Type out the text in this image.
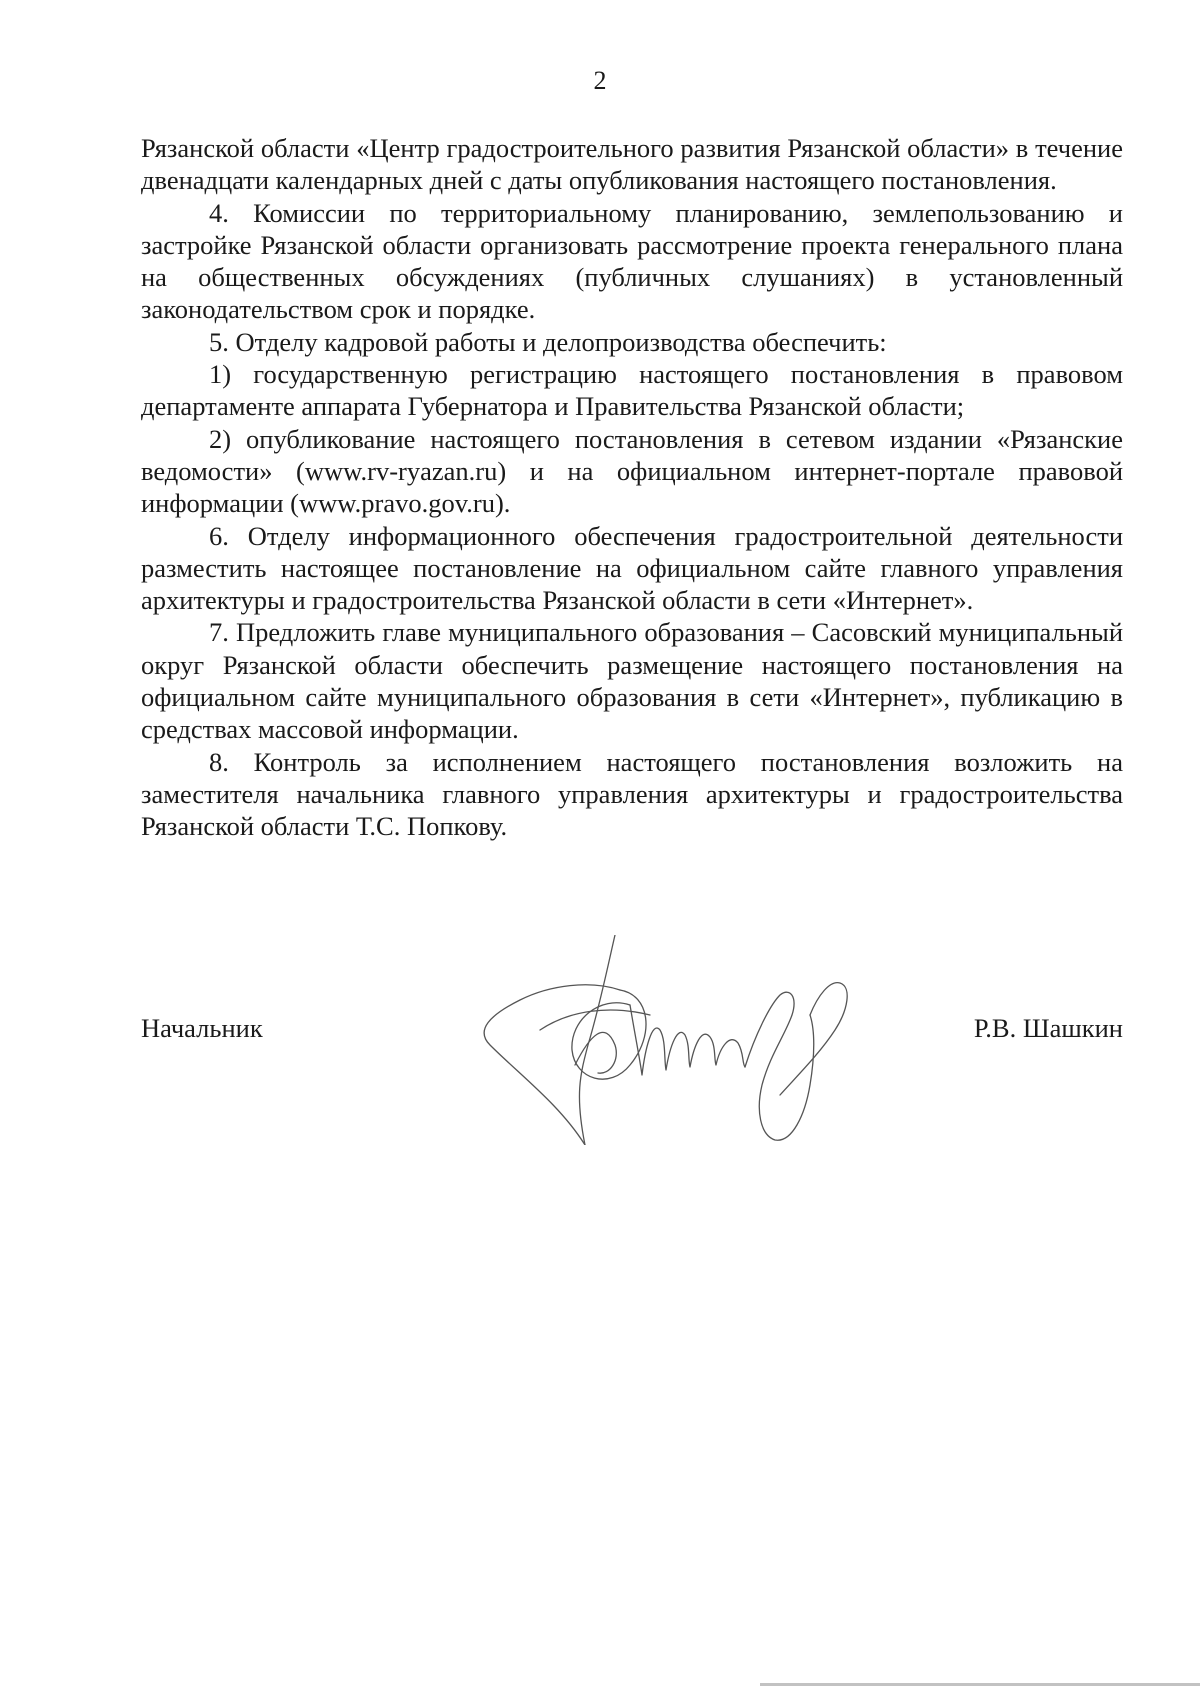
2

Рязанской области «Центр градостроительного развития Рязанской области» в течение двенадцати календарных дней с даты опубликования настоящего постановления.

4. Комиссии по территориальному планированию, землепользованию и застройке Рязанской области организовать рассмотрение проекта генерального плана на общественных обсуждениях (публичных слушаниях) в установленный законодательством срок и порядке.

5. Отделу кадровой работы и делопроизводства обеспечить:

1) государственную регистрацию настоящего постановления в правовом департаменте аппарата Губернатора и Правительства Рязанской области;

2) опубликование настоящего постановления в сетевом издании «Рязанские ведомости» (www.rv-ryazan.ru) и на официальном интернет-портале правовой информации (www.pravo.gov.ru).

6. Отделу информационного обеспечения градостроительной деятельности разместить настоящее постановление на официальном сайте главного управления архитектуры и градостроительства Рязанской области в сети «Интернет».

7. Предложить главе муниципального образования – Сасовский муниципальный округ Рязанской области обеспечить размещение настоящего постановления на официальном сайте муниципального образования в сети «Интернет», публикацию в средствах массовой информации.

8. Контроль за исполнением настоящего постановления возложить на заместителя начальника главного управления архитектуры и градостроительства Рязанской области Т.С. Попкову.

Начальник	Р.В. Шашкин
